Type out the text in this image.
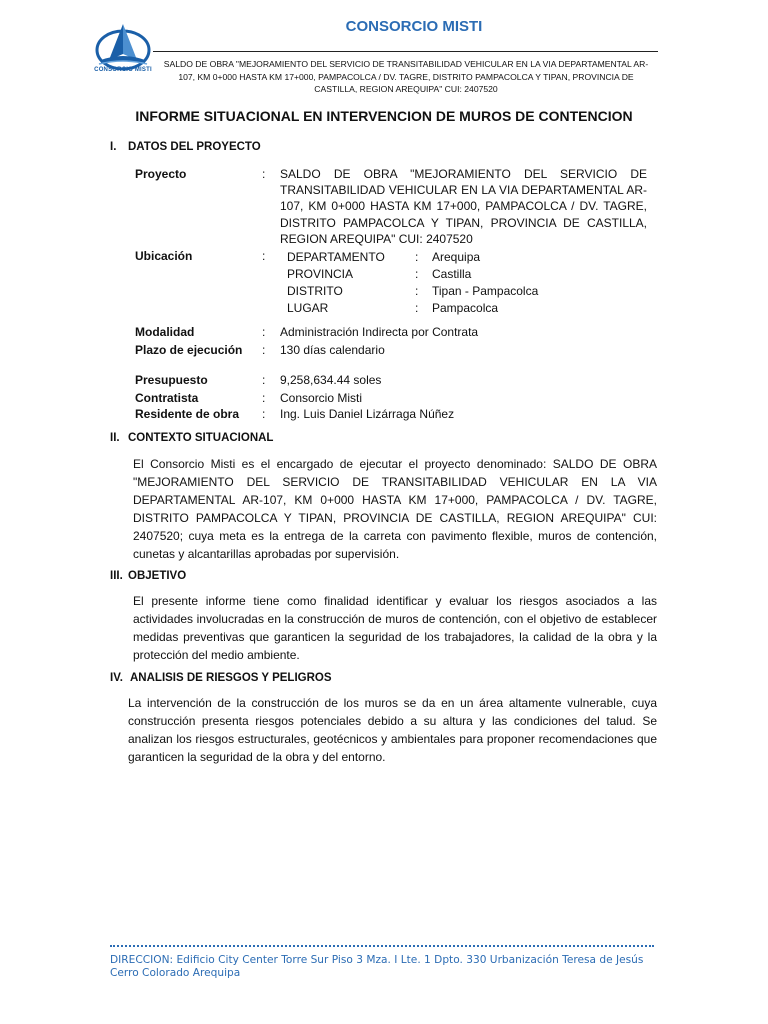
CONSORCIO MISTI
CONSORCIO MISTI
SALDO DE OBRA "MEJORAMIENTO DEL SERVICIO DE TRANSITABILIDAD VEHICULAR EN LA VIA DEPARTAMENTAL AR-107, KM 0+000 HASTA KM 17+000, PAMPACOLCA / DV. TAGRE, DISTRITO PAMPACOLCA Y TIPAN, PROVINCIA DE CASTILLA, REGION AREQUIPA" CUI: 2407520
INFORME SITUACIONAL EN INTERVENCION DE MUROS DE CONTENCION
I. DATOS DEL PROYECTO
Proyecto	: SALDO DE OBRA "MEJORAMIENTO DEL SERVICIO DE TRANSITABILIDAD VEHICULAR EN LA VIA DEPARTAMENTAL AR-107, KM 0+000 HASTA KM 17+000, PAMPACOLCA / DV. TAGRE, DISTRITO PAMPACOLCA Y TIPAN, PROVINCIA DE CASTILLA, REGION AREQUIPA" CUI: 2407520
Ubicación	: DEPARTAMENTO	: Arequipa
PROVINCIA	: Castilla
DISTRITO	: Tipan - Pampacolca
LUGAR	: Pampacolca
Modalidad	: Administración Indirecta por Contrata
Plazo de ejecución : 130 días calendario
Presupuesto	: 9,258,634.44 soles
Contratista	: Consorcio Misti
Residente de obra : Ing. Luis Daniel Lizárraga Núñez
II. CONTEXTO SITUACIONAL
El Consorcio Misti es el encargado de ejecutar el proyecto denominado: SALDO DE OBRA "MEJORAMIENTO DEL SERVICIO DE TRANSITABILIDAD VEHICULAR EN LA VIA DEPARTAMENTAL AR-107, KM 0+000 HASTA KM 17+000, PAMPACOLCA / DV. TAGRE, DISTRITO PAMPACOLCA Y TIPAN, PROVINCIA DE CASTILLA, REGION AREQUIPA" CUI: 2407520; cuya meta es la entrega de la carreta con pavimento flexible, muros de contención, cunetas y alcantarillas aprobadas por supervisión.
III. OBJETIVO
El presente informe tiene como finalidad identificar y evaluar los riesgos asociados a las actividades involucradas en la construcción de muros de contención, con el objetivo de establecer medidas preventivas que garanticen la seguridad de los trabajadores, la calidad de la obra y la protección del medio ambiente.
IV. ANALISIS DE RIESGOS Y PELIGROS
La intervención de la construcción de los muros se da en un área altamente vulnerable, cuya construcción presenta riesgos potenciales debido a su altura y las condiciones del talud. Se analizan los riesgos estructurales, geotécnicos y ambientales para proponer recomendaciones que garanticen la seguridad de la obra y del entorno.
DIRECCION: Edificio City Center Torre Sur Piso 3 Mza. I Lte. 1 Dpto. 330 Urbanización Teresa de Jesús Cerro Colorado Arequipa
